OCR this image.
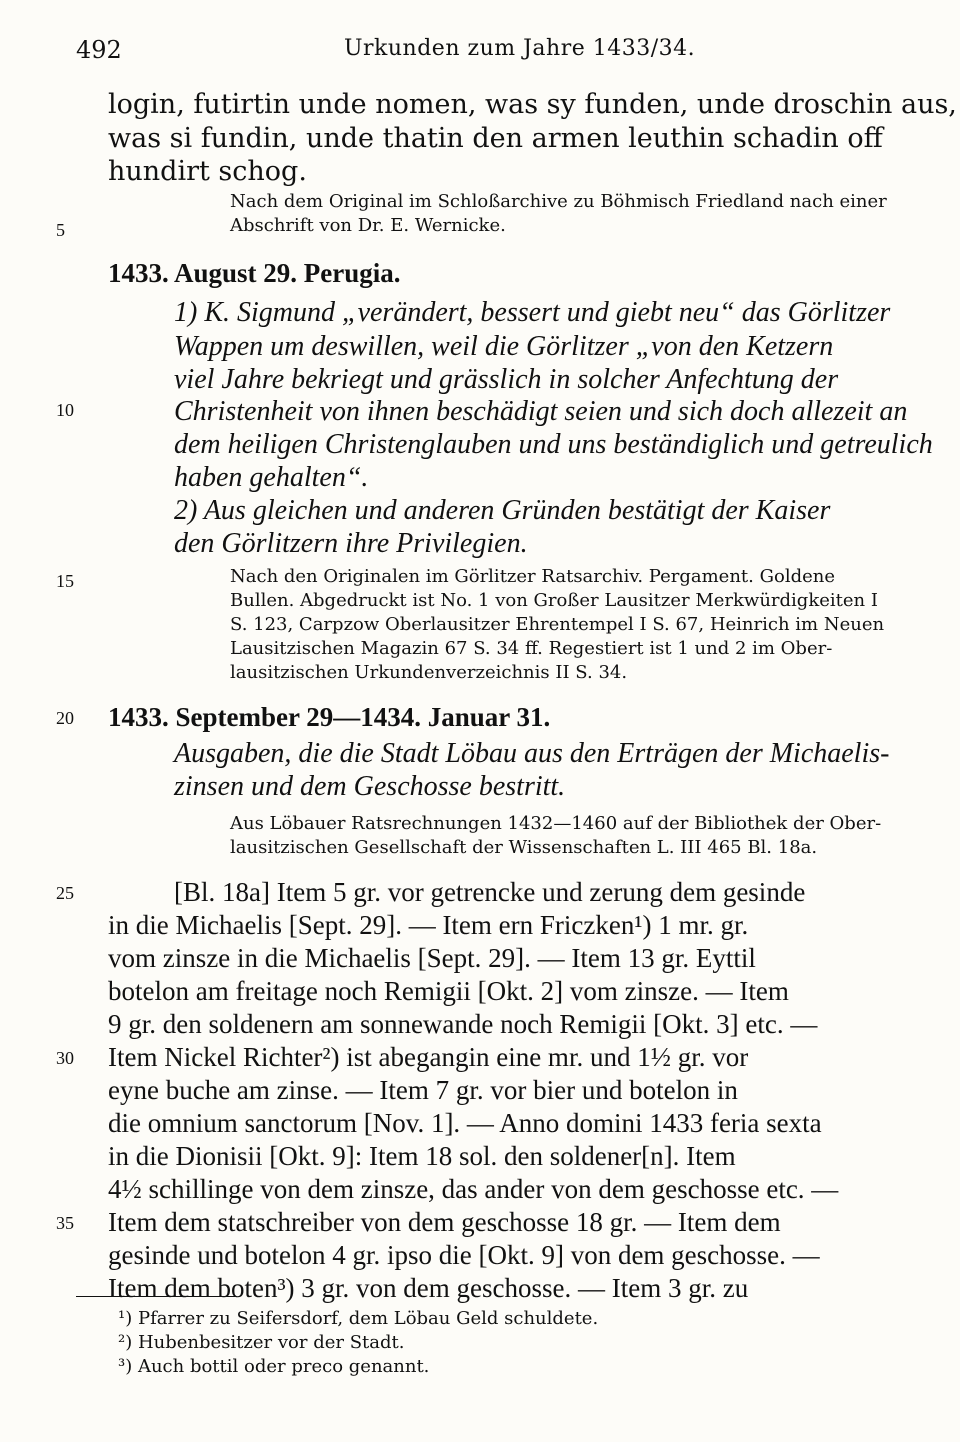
492	Urkunden zum Jahre 1433/34.
login, futirtin unde nomen, was sy funden, unde droschin aus,
was si fundin, unde thatin den armen leuthin schadin off
hundirt schog.
Nach dem Original im Schloßarchive zu Böhmisch Friedland nach einer
Abschrift von Dr. E. Wernicke.
1433. August 29. Perugia.
1) K. Sigmund „verändert, bessert und giebt neu“ das Görlitzer
Wappen um deswillen, weil die Görlitzer „von den Ketzern
viel Jahre bekriegt und grässlich in solcher Anfechtung der
Christenheit von ihnen beschädigt seien und sich doch allezeit an
dem heiligen Christenglauben und uns beständiglich und getreulich
haben gehalten“.
2) Aus gleichen und anderen Gründen bestätigt der Kaiser
den Görlitzern ihre Privilegien.
Nach den Originalen im Görlitzer Ratsarchiv. Pergament. Goldene
Bullen. Abgedruckt ist No. 1 von Großer Lausitzer Merkwürdigkeiten I
S. 123, Carpzow Oberlausitzer Ehrentempel I S. 67, Heinrich im Neuen
Lausitzischen Magazin 67 S. 34 ff. Regestiert ist 1 und 2 im Ober-
lausitzischen Urkundenverzeichnis II S. 34.
1433. September 29—1434. Januar 31.
Ausgaben, die die Stadt Löbau aus den Erträgen der Michaelis-
zinsen und dem Geschosse bestritt.
Aus Löbauer Ratsrechnungen 1432—1460 auf der Bibliothek der Ober-
lausitzischen Gesellschaft der Wissenschaften L. III 465 Bl. 18a.
[Bl. 18a] Item 5 gr. vor getrencke und zerung dem gesinde
in die Michaelis [Sept. 29]. — Item ern Friczken¹) 1 mr. gr.
vom zinsze in die Michaelis [Sept. 29]. — Item 13 gr. Eyttil
botelon am freitage noch Remigii [Okt. 2] vom zinsze. — Item
9 gr. den soldenern am sonnewande noch Remigii [Okt. 3] etc. —
Item Nickel Richter²) ist abegangin eine mr. und 1½ gr. vor
eyne buche am zinse. — Item 7 gr. vor bier und botelon in
die omnium sanctorum [Nov. 1]. — Anno domini 1433 feria sexta
in die Dionisii [Okt. 9]: Item 18 sol. den soldener[n]. Item
4½ schillinge von dem zinsze, das ander von dem geschosse etc. —
Item dem statschreiber von dem geschosse 18 gr. — Item dem
gesinde und botelon 4 gr. ipso die [Okt. 9] von dem geschosse. —
Item dem boten³) 3 gr. von dem geschosse. — Item 3 gr. zu
5
10
15
20
25
30
35
¹) Pfarrer zu Seifersdorf, dem Löbau Geld schuldete.
²) Hubenbesitzer vor der Stadt.
³) Auch bottil oder preco genannt.
